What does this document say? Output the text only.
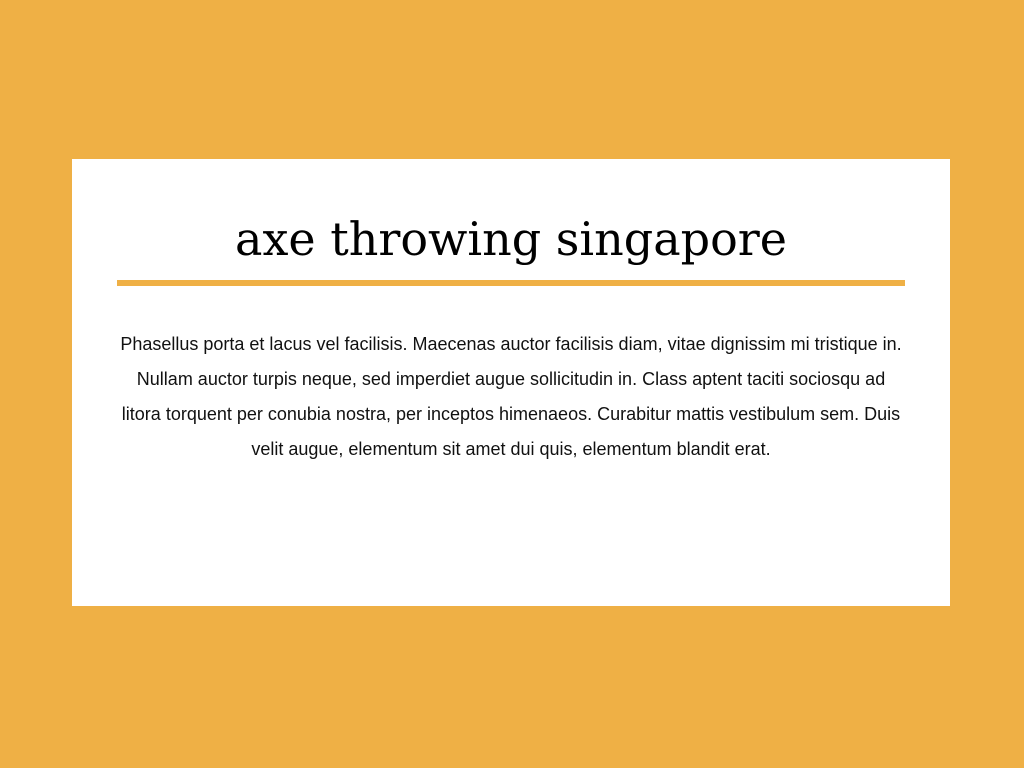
axe throwing singapore

Phasellus porta et lacus vel facilisis. Maecenas auctor facilisis diam, vitae dignissim mi tristique in. Nullam auctor turpis neque, sed imperdiet augue sollicitudin in. Class aptent taciti sociosqu ad litora torquent per conubia nostra, per inceptos himenaeos. Curabitur mattis vestibulum sem. Duis velit augue, elementum sit amet dui quis, elementum blandit erat.
